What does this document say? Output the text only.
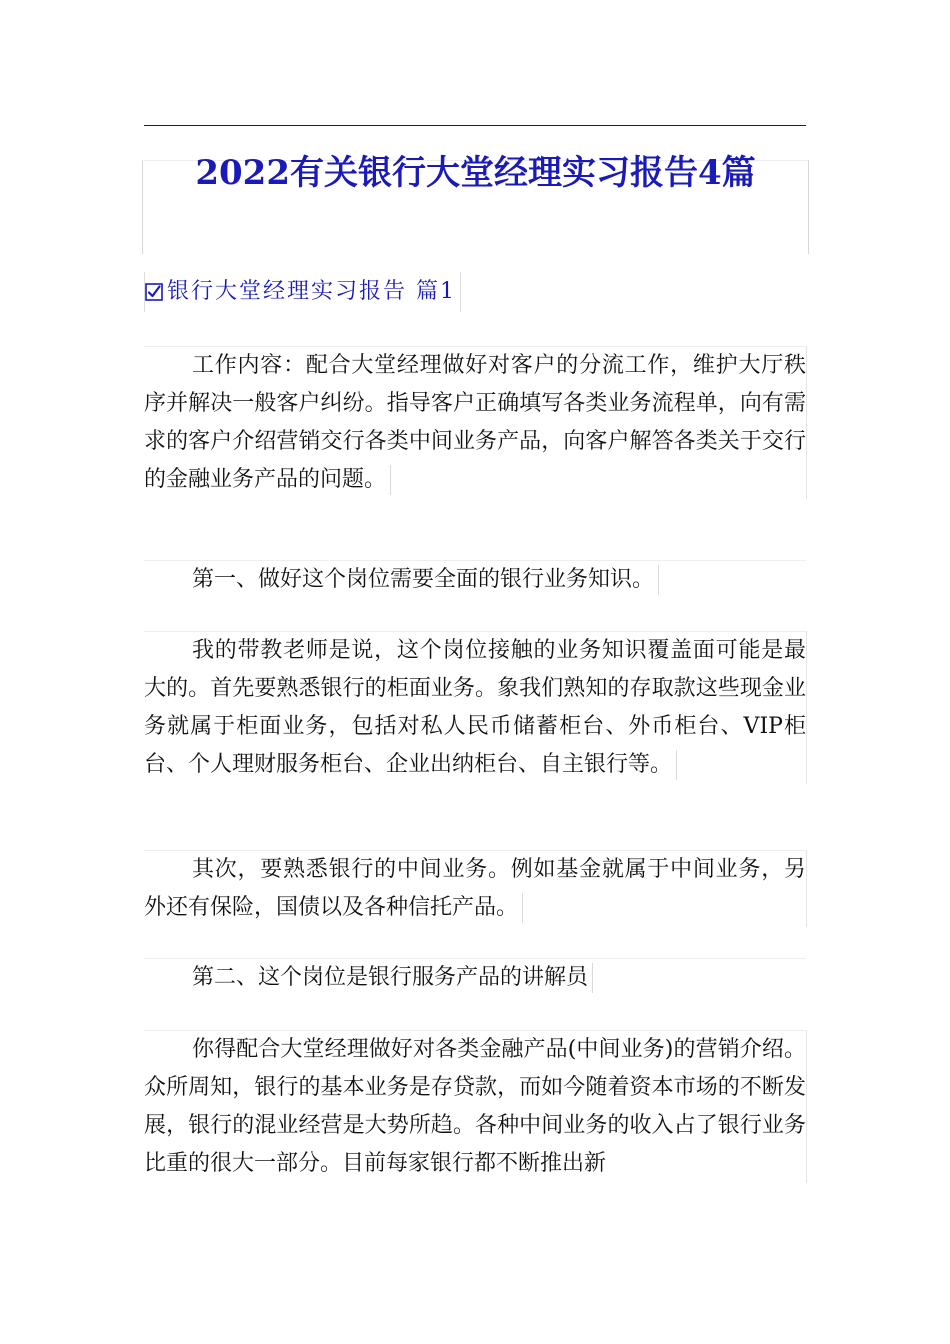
2022有关银行大堂经理实习报告4篇
银行大堂经理实习报告 篇1

工作内容：配合大堂经理做好对客户的分流工作，维护大厅秩序并解决一般客户纠纷。指导客户正确填写各类业务流程单，向有需求的客户介绍营销交行各类中间业务产品，向客户解答各类关于交行的金融业务产品的问题。

第一、做好这个岗位需要全面的银行业务知识。

我的带教老师是说，这个岗位接触的业务知识覆盖面可能是最大的。首先要熟悉银行的柜面业务。象我们熟知的存取款这些现金业务就属于柜面业务，包括对私人民币储蓄柜台、外币柜台、VIP柜台、个人理财服务柜台、企业出纳柜台、自主银行等。

其次，要熟悉银行的中间业务。例如基金就属于中间业务，另外还有保险，国债以及各种信托产品。

第二、这个岗位是银行服务产品的讲解员

你得配合大堂经理做好对各类金融产品(中间业务)的营销介绍。众所周知，银行的基本业务是存贷款，而如今随着资本市场的不断发展，银行的混业经营是大势所趋。各种中间业务的收入占了银行业务比重的很大一部分。目前每家银行都不断推出新
